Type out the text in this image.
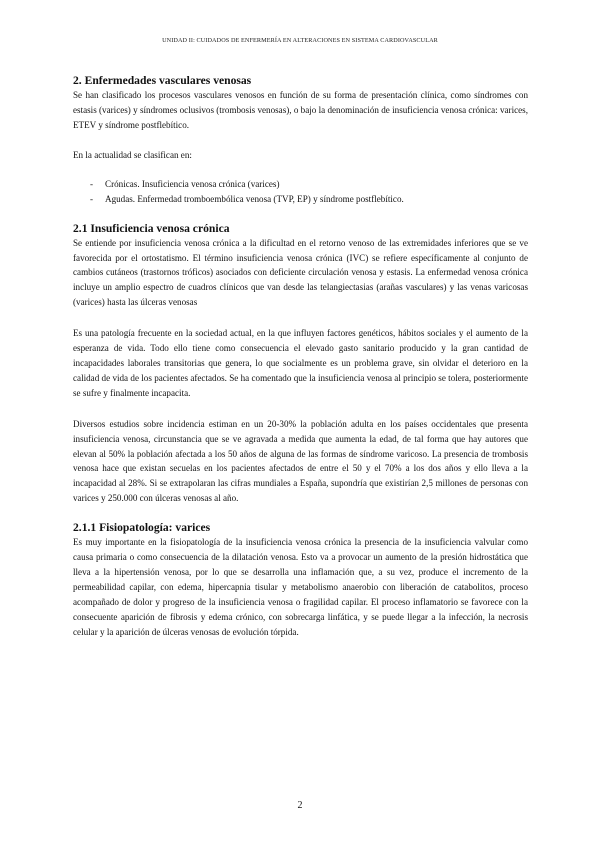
UNIDAD II: CUIDADOS DE ENFERMERÍA EN ALTERACIONES EN SISTEMA CARDIOVASCULAR
2. Enfermedades vasculares venosas

Se han clasificado los procesos vasculares venosos en función de su forma de presentación clínica, como síndromes con estasis (varices) y síndromes oclusivos (trombosis venosas), o bajo la denominación de insuficiencia venosa crónica: varices, ETEV y síndrome postflebítico.

En la actualidad se clasifican en:

- Crónicas. Insuficiencia venosa crónica (varices)
- Agudas. Enfermedad tromboembólica venosa (TVP, EP) y síndrome postflebítico.
2.1 Insuficiencia venosa crónica

Se entiende por insuficiencia venosa crónica a la dificultad en el retorno venoso de las extremidades inferiores que se ve favorecida por el ortostatismo. El término insuficiencia venosa crónica (IVC) se refiere específicamente al conjunto de cambios cutáneos (trastornos tróficos) asociados con deficiente circulación venosa y estasis. La enfermedad venosa crónica incluye un amplio espectro de cuadros clínicos que van desde las telangiectasias (arañas vasculares) y las venas varicosas (varices) hasta las úlceras venosas

Es una patología frecuente en la sociedad actual, en la que influyen factores genéticos, hábitos sociales y el aumento de la esperanza de vida. Todo ello tiene como consecuencia el elevado gasto sanitario producido y la gran cantidad de incapacidades laborales transitorias que genera, lo que socialmente es un problema grave, sin olvidar el deterioro en la calidad de vida de los pacientes afectados. Se ha comentado que la insuficiencia venosa al principio se tolera, posteriormente se sufre y finalmente incapacita.

Diversos estudios sobre incidencia estiman en un 20-30% la población adulta en los países occidentales que presenta insuficiencia venosa, circunstancia que se ve agravada a medida que aumenta la edad, de tal forma que hay autores que elevan al 50% la población afectada a los 50 años de alguna de las formas de síndrome varicoso. La presencia de trombosis venosa hace que existan secuelas en los pacientes afectados de entre el 50 y el 70% a los dos años y ello lleva a la incapacidad al 28%. Si se extrapolaran las cifras mundiales a España, supondría que existirían 2,5 millones de personas con varices y 250.000 con úlceras venosas al año.

2.1.1 Fisiopatología: varices

Es muy importante en la fisiopatología de la insuficiencia venosa crónica la presencia de la insuficiencia valvular como causa primaria o como consecuencia de la dilatación venosa. Esto va a provocar un aumento de la presión hidrostática que lleva a la hipertensión venosa, por lo que se desarrolla una inflamación que, a su vez, produce el incremento de la permeabilidad capilar, con edema, hipercapnia tisular y metabolismo anaerobio con liberación de catabolitos, proceso acompañado de dolor y progreso de la insuficiencia venosa o fragilidad capilar. El proceso inflamatorio se favorece con la consecuente aparición de fibrosis y edema crónico, con sobrecarga linfática, y se puede llegar a la infección, la necrosis celular y la aparición de úlceras venosas de evolución tórpida.

2
